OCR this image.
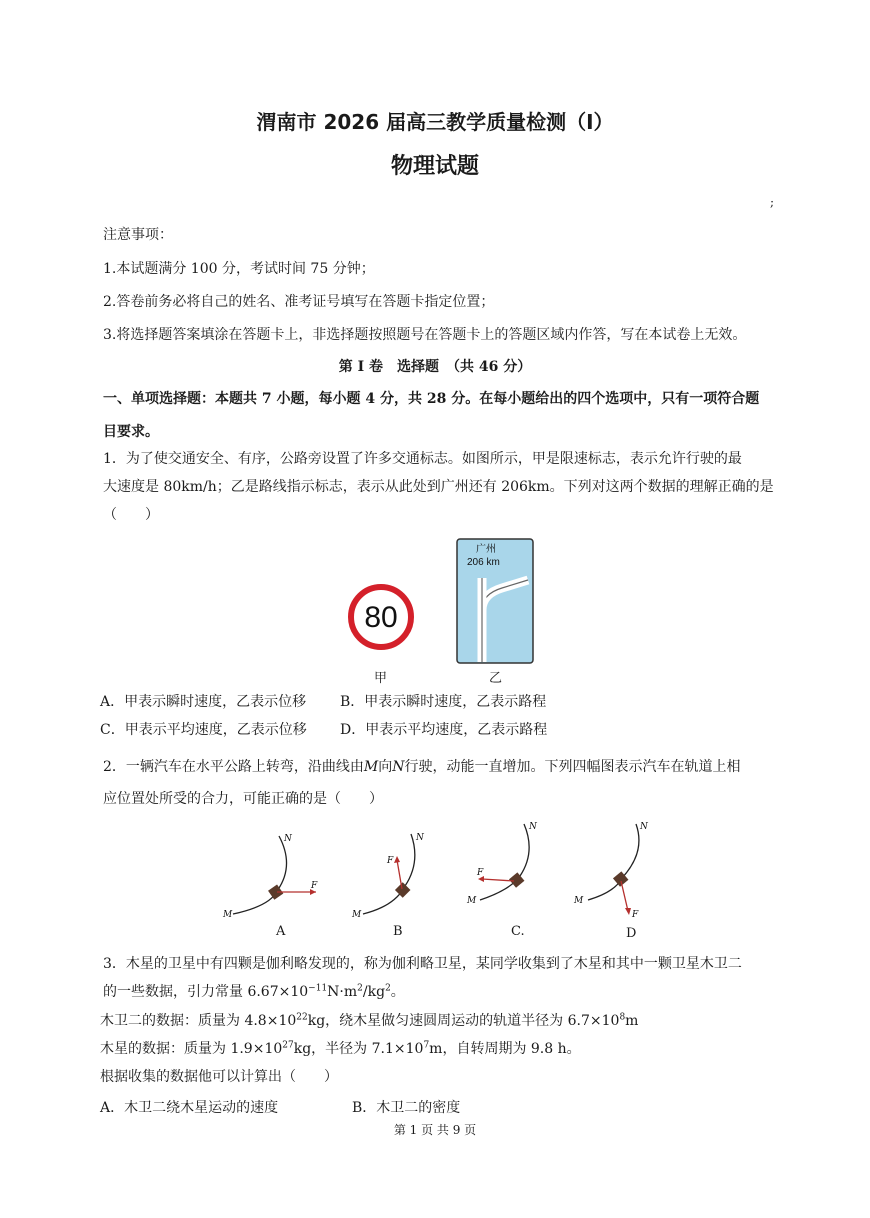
渭南市 2026 届高三教学质量检测（I）
物理试题
;
注意事项：
1.本试题满分 100 分，考试时间 75 分钟；
2.答卷前务必将自己的姓名、准考证号填写在答题卡指定位置；
3.将选择题答案填涂在答题卡上，非选择题按照题号在答题卡上的答题区域内作答，写在本试卷上无效。
第 I 卷　选择题　（共 46 分）
一、单项选择题：本题共 7 小题，每小题 4 分，共 28 分。在每小题给出的四个选项中，只有一项符合题
目要求。
1．为了使交通安全、有序，公路旁设置了许多交通标志。如图所示，甲是限速标志，表示允许行驶的最
大速度是 80km/h；乙是路线指示标志，表示从此处到广州还有 206km。下列对这两个数据的理解正确的是
（　　）
80
甲
广州
206 km
乙
A．甲表示瞬时速度，乙表示位移 B．甲表示瞬时速度，乙表示路程
C．甲表示平均速度，乙表示位移 D．甲表示平均速度，乙表示路程
2．一辆汽车在水平公路上转弯，沿曲线由M向N行驶，动能一直增加。下列四幅图表示汽车在轨道上相
应位置处所受的合力，可能正确的是（　　）
F
M
N
A
F
M
N
B
F
M
N
C.
F
M
N
D
3．木星的卫星中有四颗是伽利略发现的，称为伽利略卫星，某同学收集到了木星和其中一颗卫星木卫二
的一些数据，引力常量 $6.67\times 10^{-11}N\cdot m^2/kg^2$。
木卫二的数据：质量为 $4.8\times 10^{22}kg$，绕木星做匀速圆周运动的轨道半径为 $6.7\times 10^8m$
木星的数据：质量为 $1.9\times 10^{27}kg$，半径为 $7.1\times 10^7m$，自转周期为 9.8 h。
根据收集的数据他可以计算出（　　）
A．木卫二绕木星运动的速度	B．木卫二的密度
第 1 页 共 9 页
